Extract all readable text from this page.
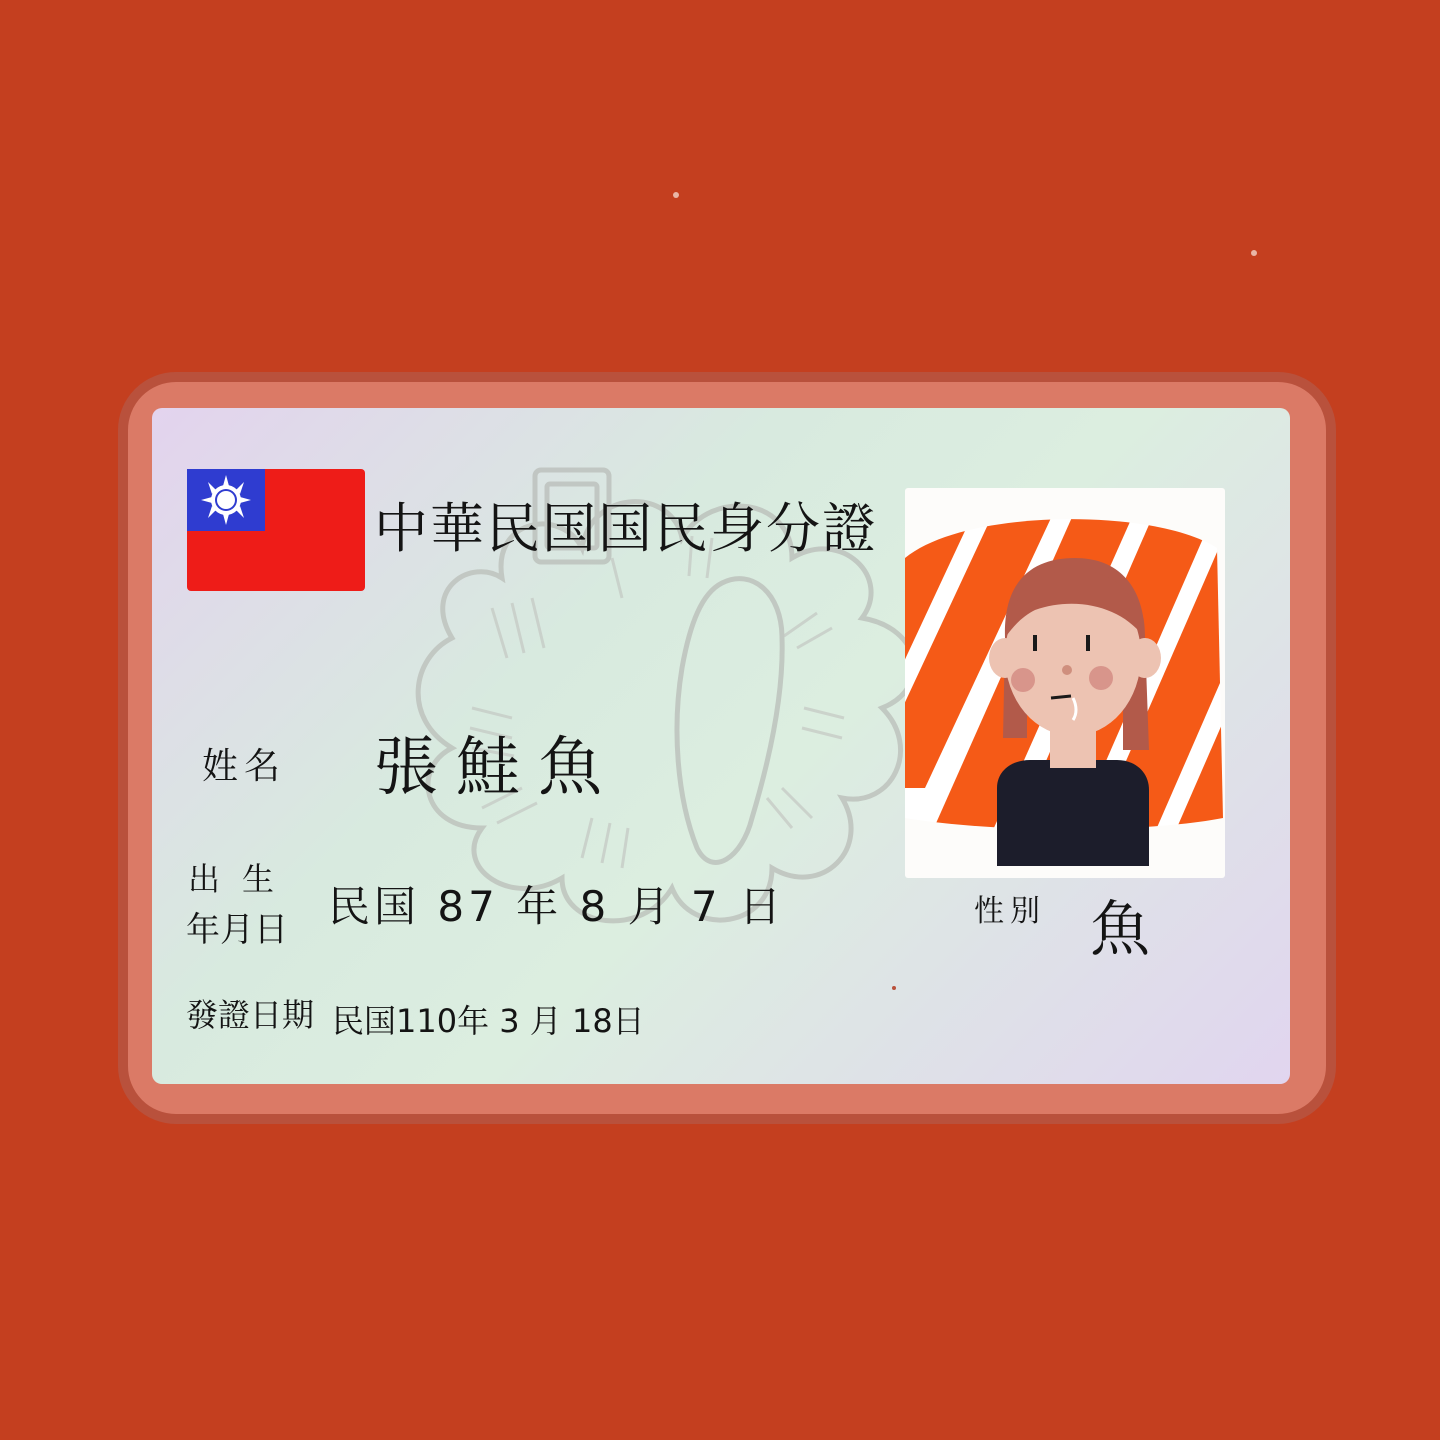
中華民国国民身分證
姓名 張鮭魚
出生
年月日 民国 87 年 8 月 7 日
發證日期 民国110年 3 月 18日
性別 魚
